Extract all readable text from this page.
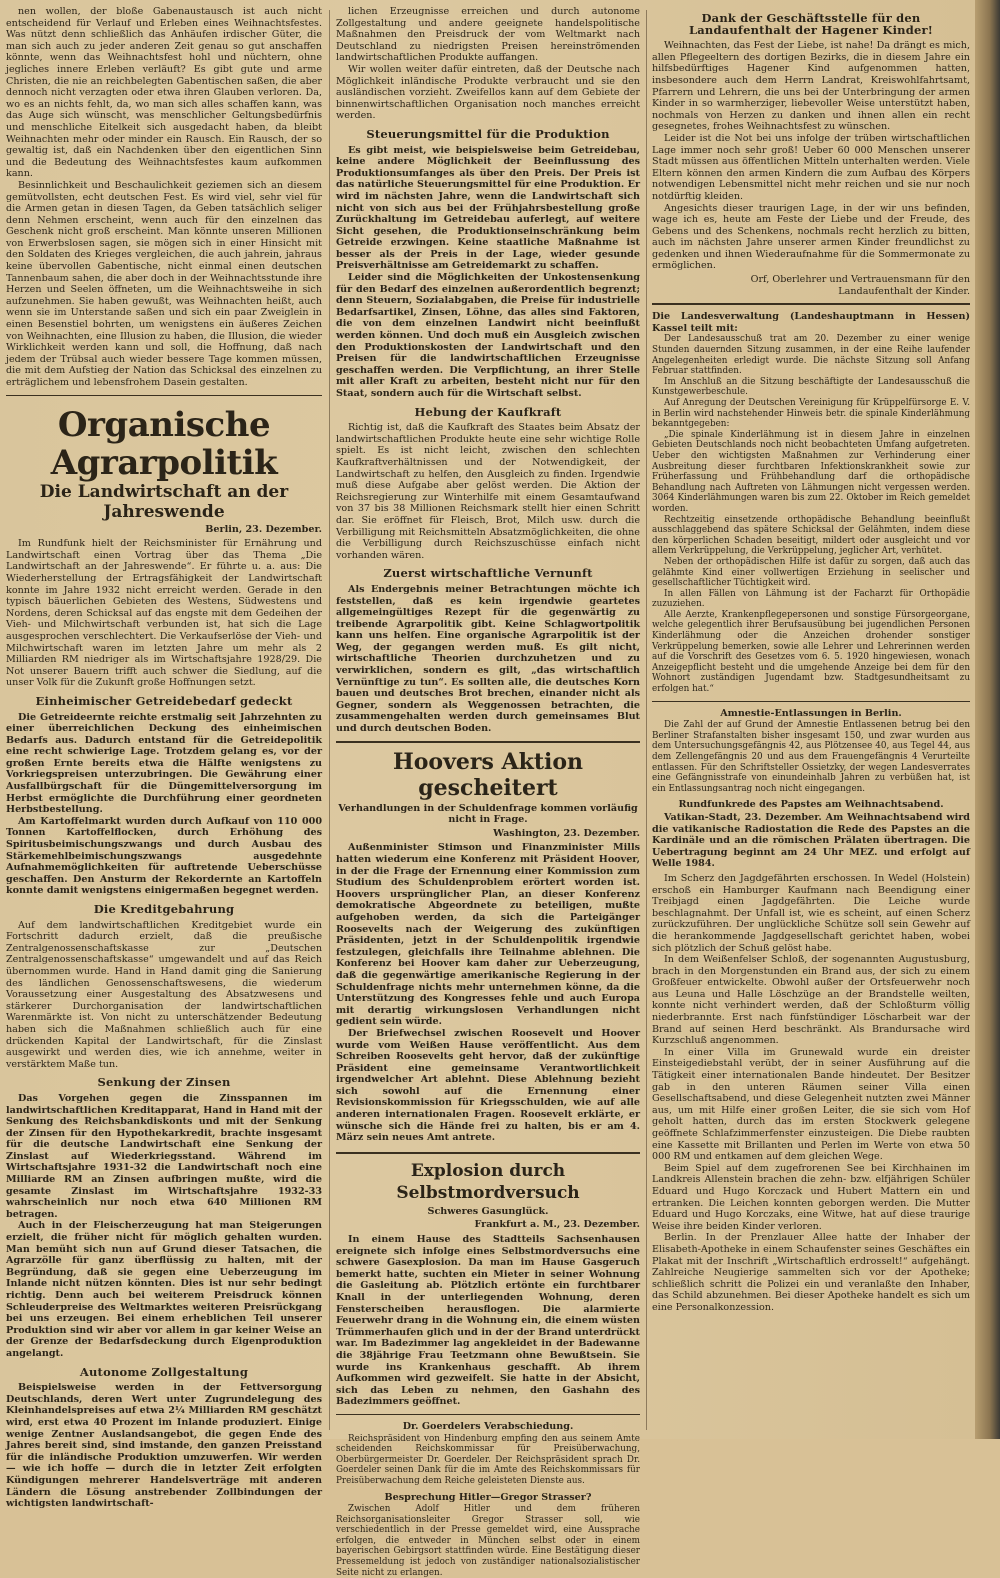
nen wollen, der bloße Gabenaustausch ist auch nicht entscheidend für Verlauf und Erleben eines Weihnachtsfestes. Was nützt denn schließlich das Anhäufen irdischer Güter, die man sich auch zu jeder anderen Zeit genau so gut anschaffen könnte, wenn das Weihnachtsfest hohl und nüchtern, ohne jegliches innere Erleben verläuft? Es gibt gute und arme Christen, die nie an reichbelegten Gabentischen saßen, die aber dennoch nicht verzagten oder etwa ihren Glauben verloren. Da, wo es an nichts fehlt, da, wo man sich alles schaffen kann, was das Auge sich wünscht, was menschlicher Geltungsbedürfnis und menschliche Eitelkeit sich ausgedacht haben, da bleibt Weihnachten mehr oder minder ein Rausch. Ein Rausch, der so gewaltig ist, daß ein Nachdenken über den eigentlichen Sinn und die Bedeutung des Weihnachtsfestes kaum aufkommen kann.

Besinnlichkeit und Beschaulichkeit geziemen sich an diesem gemütvollsten, echt deutschen Fest. Es wird viel, sehr viel für die Armen getan in diesen Tagen, da Geben tatsächlich seliger denn Nehmen erscheint, wenn auch für den einzelnen das Geschenk nicht groß erscheint. Man könnte unseren Millionen von Erwerbslosen sagen, sie mögen sich in einer Hinsicht mit den Soldaten des Krieges vergleichen, die auch jahrein, jahraus keine übervollen Gabentische, nicht einmal einen deutschen Tannenbaum sahen, die aber doch in der Weihnachtsstunde ihre Herzen und Seelen öffneten, um die Weihnachtsweihe in sich aufzunehmen. Sie haben gewußt, was Weihnachten heißt, auch wenn sie im Unterstande saßen und sich ein paar Zweiglein in einen Besenstiel bohrten, um wenigstens ein äußeres Zeichen von Weihnachten, eine Illusion zu haben, die Illusion, die wieder Wirklichkeit werden kann und soll, die Hoffnung, daß nach jedem der Trübsal auch wieder bessere Tage kommen müssen, die mit dem Aufstieg der Nation das Schicksal des einzelnen zu erträglichem und lebensfrohem Dasein gestalten.

Organische Agrarpolitik
Die Landwirtschaft an der Jahreswende
Berlin, 23. Dezember.

Im Rundfunk hielt der Reichsminister für Ernährung und Landwirtschaft einen Vortrag über das Thema „Die Landwirtschaft an der Jahreswende“. Er führte u. a. aus: Die Wiederherstellung der Ertragsfähigkeit der Landwirtschaft konnte im Jahre 1932 nicht erreicht werden. Gerade in den typisch bäuerlichen Gebieten des Westens, Südwestens und Nordens, deren Schicksal auf das engste mit dem Gedeihen der Vieh- und Milchwirtschaft verbunden ist, hat sich die Lage ausgesprochen verschlechtert. Die Verkaufserlöse der Vieh- und Milchwirtschaft waren im letzten Jahre um mehr als 2 Milliarden RM niedriger als im Wirtschaftsjahre 1928/29. Die Not unserer Bauern trifft auch schwer die Siedlung, auf die unser Volk für die Zukunft große Hoffnungen setzt.

Einheimischer Getreidebedarf gedeckt

Die Getreideernte reichte erstmalig seit Jahrzehnten zu einer überreichlichen Deckung des einheimischen Bedarfs aus. Dadurch entstand für die Getreidepolitik eine recht schwierige Lage. Trotzdem gelang es, vor der großen Ernte bereits etwa die Hälfte wenigstens zu Vorkriegspreisen unterzubringen. Die Gewährung einer Ausfallbürgschaft für die Düngemittelversorgung im Herbst ermöglichte die Durchführung einer geordneten Herbstbestellung.

Am Kartoffelmarkt wurden durch Aufkauf von 110 000 Tonnen Kartoffelflocken, durch Erhöhung des Spiritusbeimischungszwangs und durch Ausbau des Stärkemehlbeimischungszwangs ausgedehnte Aufnahmemöglichkeiten für auftretende Ueberschüsse geschaffen. Den Ansturm der Rekordernte an Kartoffeln konnte damit wenigstens einigermaßen begegnet werden.

Die Kreditgebahrung

Auf dem landwirtschaftlichen Kreditgebiet wurde ein Fortschritt dadurch erzielt, daß die preußische Zentralgenossenschaftskasse zur „Deutschen Zentralgenossenschaftskasse“ umgewandelt und auf das Reich übernommen wurde. Hand in Hand damit ging die Sanierung des ländlichen Genossenschaftswesens, die wiederum Voraussetzung einer Ausgestaltung des Absatzwesens und stärkerer Durchorganisation der landwirtschaftlichen Warenmärkte ist. Von nicht zu unterschätzender Bedeutung haben sich die Maßnahmen schließlich auch für eine drückenden Kapital der Landwirtschaft, für die Zinslast ausgewirkt und werden dies, wie ich annehme, weiter in verstärktem Maße tun.

Senkung der Zinsen

Das Vorgehen gegen die Zinsspannen im landwirtschaftlichen Kreditapparat, Hand in Hand mit der Senkung des Reichsbankdiskonts und mit der Senkung der Zinsen für den Hypothekarkredit, brachte insgesamt für die deutsche Landwirtschaft eine Senkung der Zinslast auf Wiederkriegsstand. Während im Wirtschaftsjahre 1931-32 die Landwirtschaft noch eine Milliarde RM an Zinsen aufbringen mußte, wird die gesamte Zinslast im Wirtschaftsjahre 1932-33 wahrscheinlich nur noch etwa 640 Millionen RM betragen.

Auch in der Fleischerzeugung hat man Steigerungen erzielt, die früher nicht für möglich gehalten wurden. Man bemüht sich nun auf Grund dieser Tatsachen, die Agrarzölle für ganz überflüssig zu halten, mit der Begründung, daß sie gegen eine Ueberzeugung im Inlande nicht nützen könnten. Dies ist nur sehr bedingt richtig. Denn auch bei weiterem Preisdruck können Schleuderpreise des Weltmarktes weiteren Preisrückgang bei uns erzeugen. Bei einem erheblichen Teil unserer Produktion sind wir aber vor allem in gar keiner Weise an der Grenze der Bedarfsdeckung durch Eigenproduktion angelangt.

Autonome Zollgestaltung

Beispielsweise werden in der Fettversorgung Deutschlands, deren Wert unter Zugrundelegung des Kleinhandelspreises auf etwa 2¼ Milliarden RM geschätzt wird, erst etwa 40 Prozent im Inlande produziert. Einige wenige Zentner Auslandsangebot, die gegen Ende des Jahres bereit sind, sind imstande, den ganzen Preisstand für die inländische Produktion umzuwerfen. Wir werden — wie ich hoffe — durch die in letzter Zeit erfolgten Kündigungen mehrerer Handelsverträge mit anderen Ländern die Lösung anstrebender Zollbindungen der wichtigsten landwirtschaft-

lichen Erzeugnisse erreichen und durch autonome Zollgestaltung und andere geeignete handelspolitische Maßnahmen den Preisdruck der vom Weltmarkt nach Deutschland zu niedrigsten Preisen hereinströmenden landwirtschaftlichen Produkte auffangen.

Wir wollen weiter dafür eintreten, daß der Deutsche nach Möglichkeit inländische Produkte verbraucht und sie den ausländischen vorzieht. Zweifellos kann auf dem Gebiete der binnenwirtschaftlichen Organisation noch manches erreicht werden.

Steuerungsmittel für die Produktion

Es gibt meist, wie beispielsweise beim Getreidebau, keine andere Möglichkeit der Beeinflussung des Produktionsumfanges als über den Preis. Der Preis ist das natürliche Steuerungsmittel für eine Produktion. Er wird im nächsten Jahre, wenn die Landwirtschaft sich nicht von sich aus bei der Frühjahrsbestellung große Zurückhaltung im Getreidebau auferlegt, auf weitere Sicht gesehen, die Produktionseinschränkung beim Getreide erzwingen. Keine staatliche Maßnahme ist besser als der Preis in der Lage, wieder gesunde Preisverhältnisse am Getreidemarkt zu schaffen.

Leider sind die Möglichkeiten der Unkostensenkung für den Bedarf des einzelnen außerordentlich begrenzt; denn Steuern, Sozialabgaben, die Preise für industrielle Bedarfsartikel, Zinsen, Löhne, das alles sind Faktoren, die von dem einzelnen Landwirt nicht beeinflußt werden können. Und doch muß ein Ausgleich zwischen den Produktionskosten der Landwirtschaft und den Preisen für die landwirtschaftlichen Erzeugnisse geschaffen werden. Die Verpflichtung, an ihrer Stelle mit aller Kraft zu arbeiten, besteht nicht nur für den Staat, sondern auch für die Wirtschaft selbst.

Hebung der Kaufkraft

Richtig ist, daß die Kaufkraft des Staates beim Absatz der landwirtschaftlichen Produkte heute eine sehr wichtige Rolle spielt. Es ist nicht leicht, zwischen den schlechten Kaufkraftverhältnissen und der Notwendigkeit, der Landwirtschaft zu helfen, den Ausgleich zu finden. Irgendwie muß diese Aufgabe aber gelöst werden. Die Aktion der Reichsregierung zur Winterhilfe mit einem Gesamtaufwand von 37 bis 38 Millionen Reichsmark stellt hier einen Schritt dar. Sie eröffnet für Fleisch, Brot, Milch usw. durch die Verbilligung mit Reichsmitteln Absatzmöglichkeiten, die ohne die Verbilligung durch Reichszuschüsse einfach nicht vorhanden wären.

Zuerst wirtschaftliche Vernunft

Als Endergebnis meiner Betrachtungen möchte ich feststellen, daß es kein irgendwie geartetes allgemeingültiges Rezept für die gegenwärtig zu treibende Agrarpolitik gibt. Keine Schlagwortpolitik kann uns helfen. Eine organische Agrarpolitik ist der Weg, der gegangen werden muß. Es gilt nicht, wirtschaftliche Theorien durchzuhetzen und zu verwirklichen, sondern es gilt, „das wirtschaftlich Vernünftige zu tun“. Es sollten alle, die deutsches Korn bauen und deutsches Brot brechen, einander nicht als Gegner, sondern als Weggenossen betrachten, die zusammengehalten werden durch gemeinsames Blut und durch deutschen Boden.

Hoovers Aktion gescheitert
Verhandlungen in der Schuldenfrage kommen vorläufig nicht in Frage.
Washington, 23. Dezember.

Außenminister Stimson und Finanzminister Mills hatten wiederum eine Konferenz mit Präsident Hoover, in der die Frage der Ernennung einer Kommission zum Studium des Schuldenproblem erörtert worden ist. Hoovers ursprünglicher Plan, an dieser Konferenz demokratische Abgeordnete zu beteiligen, mußte aufgehoben werden, da sich die Parteigänger Roosevelts nach der Weigerung des zukünftigen Präsidenten, jetzt in der Schuldenpolitik irgendwie festzulegen, gleichfalls ihre Teilnahme ablehnen. Die Konferenz bei Hoover kam daher zur Ueberzeugung, daß die gegenwärtige amerikanische Regierung in der Schuldenfrage nichts mehr unternehmen könne, da die Unterstützung des Kongresses fehle und auch Europa mit derartig wirkungslosen Verhandlungen nicht gedient sein würde.

Der Briefwechsel zwischen Roosevelt und Hoover wurde vom Weißen Hause veröffentlicht. Aus dem Schreiben Roosevelts geht hervor, daß der zukünftige Präsident eine gemeinsame Verantwortlichkeit irgendwelcher Art ablehnt. Diese Ablehnung bezieht sich sowohl auf die Ernennung einer Revisionskommission für Kriegsschulden, wie auf alle anderen internationalen Fragen. Roosevelt erklärte, er wünsche sich die Hände frei zu halten, bis er am 4. März sein neues Amt antrete.

Explosion durch Selbstmordversuch
Schweres Gasunglück.
Frankfurt a. M., 23. Dezember.

In einem Hause des Stadtteils Sachsenhausen ereignete sich infolge eines Selbstmordversuchs eine schwere Gasexplosion. Da man im Hause Gasgeruch bemerkt hatte, suchten ein Mieter in seiner Wohnung die Gasleitung ab. Plötzlich ertönte ein furchtbarer Knall in der unterliegenden Wohnung, deren Fensterscheiben herausflogen. Die alarmierte Feuerwehr drang in die Wohnung ein, die einem wüsten Trümmerhaufen glich und in der der Brand unterdrückt war. Im Badezimmer lag angekleidet in der Badewanne die 38jährige Frau Teetzmann ohne Bewußtsein. Sie wurde ins Krankenhaus geschafft. Ab ihrem Aufkommen wird gezweifelt. Sie hatte in der Absicht, sich das Leben zu nehmen, den Gashahn des Badezimmers geöffnet.

Dr. Goerdelers Verabschiedung.

Reichspräsident von Hindenburg empfing den aus seinem Amte scheidenden Reichskommissar für Preisüberwachung, Oberbürgermeister Dr. Goerdeler. Der Reichspräsident sprach Dr. Goerdeler seinen Dank für die im Amte des Reichskommissars für Preisüberwachung dem Reiche geleisteten Dienste aus.

Besprechung Hitler—Gregor Strasser?

Zwischen Adolf Hitler und dem früheren Reichsorganisationsleiter Gregor Strasser soll, wie verschiedentlich in der Presse gemeldet wird, eine Aussprache erfolgen, die entweder in München selbst oder in einem bayerischen Gebirgsort stattfinden würde. Eine Bestätigung dieser Pressemeldung ist jedoch von zuständiger nationalsozialistischer Seite nicht zu erlangen.

Dank der Geschäftsstelle für den Landaufenthalt der Hagener Kinder!

Weihnachten, das Fest der Liebe, ist nahe! Da drängt es mich, allen Pflegeeltern des dortigen Bezirks, die in diesem Jahre ein hilfsbedürftiges Hagener Kind aufgenommen hatten, insbesondere auch dem Herrn Landrat, Kreiswohlfahrtsamt, Pfarrern und Lehrern, die uns bei der Unterbringung der armen Kinder in so warmherziger, liebevoller Weise unterstützt haben, nochmals von Herzen zu danken und ihnen allen ein recht gesegnetes, frohes Weihnachtsfest zu wünschen.

Leider ist die Not bei uns infolge der trüben wirtschaftlichen Lage immer noch sehr groß! Ueber 60 000 Menschen unserer Stadt müssen aus öffentlichen Mitteln unterhalten werden. Viele Eltern können den armen Kindern die zum Aufbau des Körpers notwendigen Lebensmittel nicht mehr reichen und sie nur noch notdürftig kleiden.

Angesichts dieser traurigen Lage, in der wir uns befinden, wage ich es, heute am Feste der Liebe und der Freude, des Gebens und des Schenkens, nochmals recht herzlich zu bitten, auch im nächsten Jahre unserer armen Kinder freundlichst zu gedenken und ihnen Wiederaufnahme für die Sommermonate zu ermöglichen.

Orf, Oberlehrer und Vertrauensmann für den Landaufenthalt der Kinder.
Die Landesverwaltung (Landeshauptmann in Hessen) Kassel teilt mit:

Der Landesausschuß trat am 20. Dezember zu einer wenige Stunden dauernden Sitzung zusammen, in der eine Reihe laufender Angelegenheiten erledigt wurde. Die nächste Sitzung soll Anfang Februar stattfinden.

Im Anschluß an die Sitzung beschäftigte der Landesausschuß die Kunstgewerbeschule.

Auf Anregung der Deutschen Vereinigung für Krüppelfürsorge E. V. in Berlin wird nachstehender Hinweis betr. die spinale Kinderlähmung bekanntgegeben:

„Die spinale Kinderlähmung ist in diesem Jahre in einzelnen Gebieten Deutschlands noch nicht beobachteten Umfang aufgetreten. Ueber den wichtigsten Maßnahmen zur Verhinderung einer Ausbreitung dieser furchtbaren Infektionskrankheit sowie zur Früherfassung und Frühbehandlung darf die orthopädische Behandlung nach Auftreten von Lähmungen nicht vergessen werden. 3064 Kinderlähmungen waren bis zum 22. Oktober im Reich gemeldet worden.

Rechtzeitig einsetzende orthopädische Behandlung beeinflußt ausschlaggebend das spätere Schicksal der Gelähmten, indem diese den körperlichen Schaden beseitigt, mildert oder ausgleicht und vor allem Verkrüppelung, die Verkrüppelung, jeglicher Art, verhütet.

Neben der orthopädischen Hilfe ist dafür zu sorgen, daß auch das gelähmte Kind einer vollwertigen Erziehung in seelischer und gesellschaftlicher Tüchtigkeit wird.

In allen Fällen von Lähmung ist der Facharzt für Orthopädie zuzuziehen.

Alle Aerzte, Krankenpflegepersonen und sonstige Fürsorgeorgane, welche gelegentlich ihrer Berufsausübung bei jugendlichen Personen Kinderlähmung oder die Anzeichen drohender sonstiger Verkrüppelung bemerken, sowie alle Lehrer und Lehrerinnen werden auf die Vorschrift des Gesetzes vom 6. 5. 1920 hingewiesen, wonach Anzeigepflicht besteht und die umgehende Anzeige bei dem für den Wohnort zuständigen Jugendamt bzw. Stadtgesundheitsamt zu erfolgen hat.“

Amnestie-Entlassungen in Berlin.

Die Zahl der auf Grund der Amnestie Entlassenen betrug bei den Berliner Strafanstalten bisher insgesamt 150, und zwar wurden aus dem Untersuchungsgefängnis 42, aus Plötzensee 40, aus Tegel 44, aus dem Zellengefängnis 20 und aus dem Frauengefängnis 4 Verurteilte entlassen. Für den Schriftsteller Ossietzky, der wegen Landesverrates eine Gefängnisstrafe von einundeinhalb Jahren zu verbüßen hat, ist ein Entlassungsantrag noch nicht eingegangen.

Rundfunkrede des Papstes am Weihnachtsabend.

Vatikan-Stadt, 23. Dezember. Am Weihnachtsabend wird die vatikanische Radiostation die Rede des Papstes an die Kardinäle und an die römischen Prälaten übertragen. Die Uebertragung beginnt am 24 Uhr MEZ. und erfolgt auf Welle 1984.

Im Scherz den Jagdgefährten erschossen. In Wedel (Holstein) erschoß ein Hamburger Kaufmann nach Beendigung einer Treibjagd einen Jagdgefährten. Die Leiche wurde beschlagnahmt. Der Unfall ist, wie es scheint, auf einen Scherz zurückzuführen. Der unglückliche Schütze soll sein Gewehr auf die herankommende Jagdgesellschaft gerichtet haben, wobei sich plötzlich der Schuß gelöst habe.

In dem Weißenfelser Schloß, der sogenannten Augustusburg, brach in den Morgenstunden ein Brand aus, der sich zu einem Großfeuer entwickelte. Obwohl außer der Ortsfeuerwehr noch aus Leuna und Halle Löschzüge an der Brandstelle weilten, konnte nicht verhindert werden, daß der Schloßturm völlig niederbrannte. Erst nach fünfstündiger Löscharbeit war der Brand auf seinen Herd beschränkt. Als Brandursache wird Kurzschluß angenommen.

In einer Villa im Grunewald wurde ein dreister Einsteigediebstahl verübt, der in seiner Ausführung auf die Tätigkeit einer internationalen Bande hindeutet. Der Besitzer gab in den unteren Räumen seiner Villa einen Gesellschaftsabend, und diese Gelegenheit nutzten zwei Männer aus, um mit Hilfe einer großen Leiter, die sie sich vom Hof geholt hatten, durch das im ersten Stockwerk gelegene geöffnete Schlafzimmerfenster einzusteigen. Die Diebe raubten eine Kassette mit Brillanten und Perlen im Werte von etwa 50 000 RM und entkamen auf dem gleichen Wege.

Beim Spiel auf dem zugefrorenen See bei Kirchhainen im Landkreis Allenstein brachen die zehn- bzw. elfjährigen Schüler Eduard und Hugo Korczack und Hubert Mattern ein und ertranken. Die Leichen konnten geborgen werden. Die Mutter Eduard und Hugo Korczaks, eine Witwe, hat auf diese traurige Weise ihre beiden Kinder verloren.

Berlin. In der Prenzlauer Allee hatte der Inhaber der Elisabeth-Apotheke in einem Schaufenster seines Geschäftes ein Plakat mit der Inschrift „Wirtschaftlich erdrosselt!“ aufgehängt. Zahlreiche Neugierige sammelten sich vor der Apotheke; schließlich schritt die Polizei ein und veranlaßte den Inhaber, das Schild abzunehmen. Bei dieser Apotheke handelt es sich um eine Personalkonzession.
